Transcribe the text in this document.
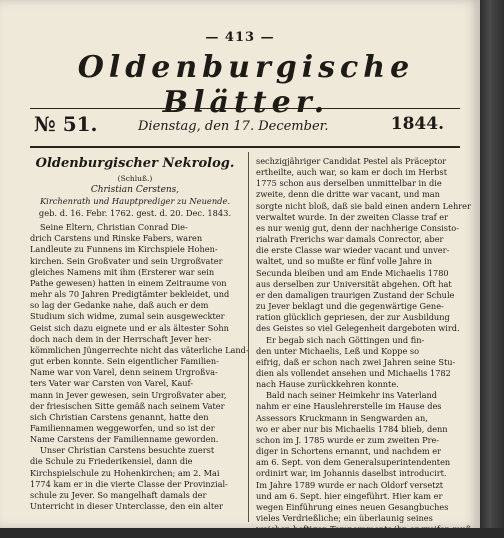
— 413 —
Oldenburgische Blätter.
№ 51.	Dienstag, den 17. December.	1844.
Oldenburgischer Nekrolog.
(Schluß.)
Christian Cerstens,
Kirchenrath und Hauptprediger zu Neuende.
geb. d. 16. Febr. 1762. gest. d. 20. Dec. 1843.
Seine Eltern, Christian Conrad Die-
drich Carstens und Rinske Fabers, waren
Landleute zu Funnens im Kirchspiele Hohen-
kirchen. Sein Großvater und sein Urgroßvater
gleiches Namens mit ihm (Ersterer war sein
Pathe gewesen) hatten in einem Zeitraume von
mehr als 70 Jahren Predigtämter bekleidet, und
so lag der Gedanke nahe, daß auch er dem
Studium sich widme, zumal sein ausgeweckter
Geist sich dazu eignete und er als ältester Sohn
doch nach dem in der Herrschaft Jever her-
kömmlichen Jüngerrechte nicht das väterliche Land-
gut erben konnte. Sein eigentlicher Familien-
Name war von Varel, denn seinem Urgroßva-
ters Vater war Carsten von Varel, Kauf-
mann in Jever gewesen, sein Urgroßvater aber,
der friesischen Sitte gemäß nach seinem Vater
sich Christian Carstens genannt, hatte den
Familiennamen weggeworfen, und so ist der
Name Carstens der Familienname geworden.
Unser Christian Carstens besuchte zuerst
die Schule zu Friederikensiel, dann die
Kirchspielschule zu Hohenkirchen; am 2. Mai
1774 kam er in die vierte Classe der Provinzial-
schule zu Jever. So mangelhaft damals der
Unterricht in dieser Unterclasse, den ein alter
sechzigjähriger Candidat Pestel als Präceptor
ertheilte, auch war, so kam er doch im Herbst
1775 schon aus derselben unmittelbar in die
zweite, denn die dritte war vacant, und man
sorgte nicht bloß, daß sie bald einen andern Lehrer
verwaltet wurde. In der zweiten Classe traf er
es nur wenig gut, denn der nachherige Consisto-
rialrath Frerichs war damals Conrector, aber
die erste Classe war wieder vacant und unver-
waltet, und so mußte er fünf volle Jahre in
Secunda bleiben und am Ende Michaelis 1780
aus derselben zur Universität abgehen. Oft hat
er den damaligen traurigen Zustand der Schule
zu Jever beklagt und die gegenwärtige Gene-
ration glücklich gepriesen, der zur Ausbildung
des Geistes so viel Gelegenheit dargeboten wird.
Er begab sich nach Göttingen und fin-
den unter Michaelis, Leß und Koppe so
eifrig, daß er schon nach zwei Jahren seine Stu-
dien als vollendet ansehen und Michaelis 1782
nach Hause zurückkehren konnte.
Bald nach seiner Heimkehr ins Vaterland
nahm er eine Hauslehrerstelle im Hause des
Assessors Kruckmann in Sengwarden an,
wo er aber nur bis Michaelis 1784 blieb, denn
schon im J. 1785 wurde er zum zweiten Pre-
diger in Schortens ernannt, und nachdem er
am 6. Sept. von dem Generalsuperintendenten
ordinirt war, im Johannis daselbst introducirt.
Im Jahre 1789 wurde er nach Oldorf versetzt
und am 6. Sept. hier eingeführt. Hier kam er
wegen Einführung eines neuen Gesangbuches
vieles Verdrießliche; ein überlaunig seines
